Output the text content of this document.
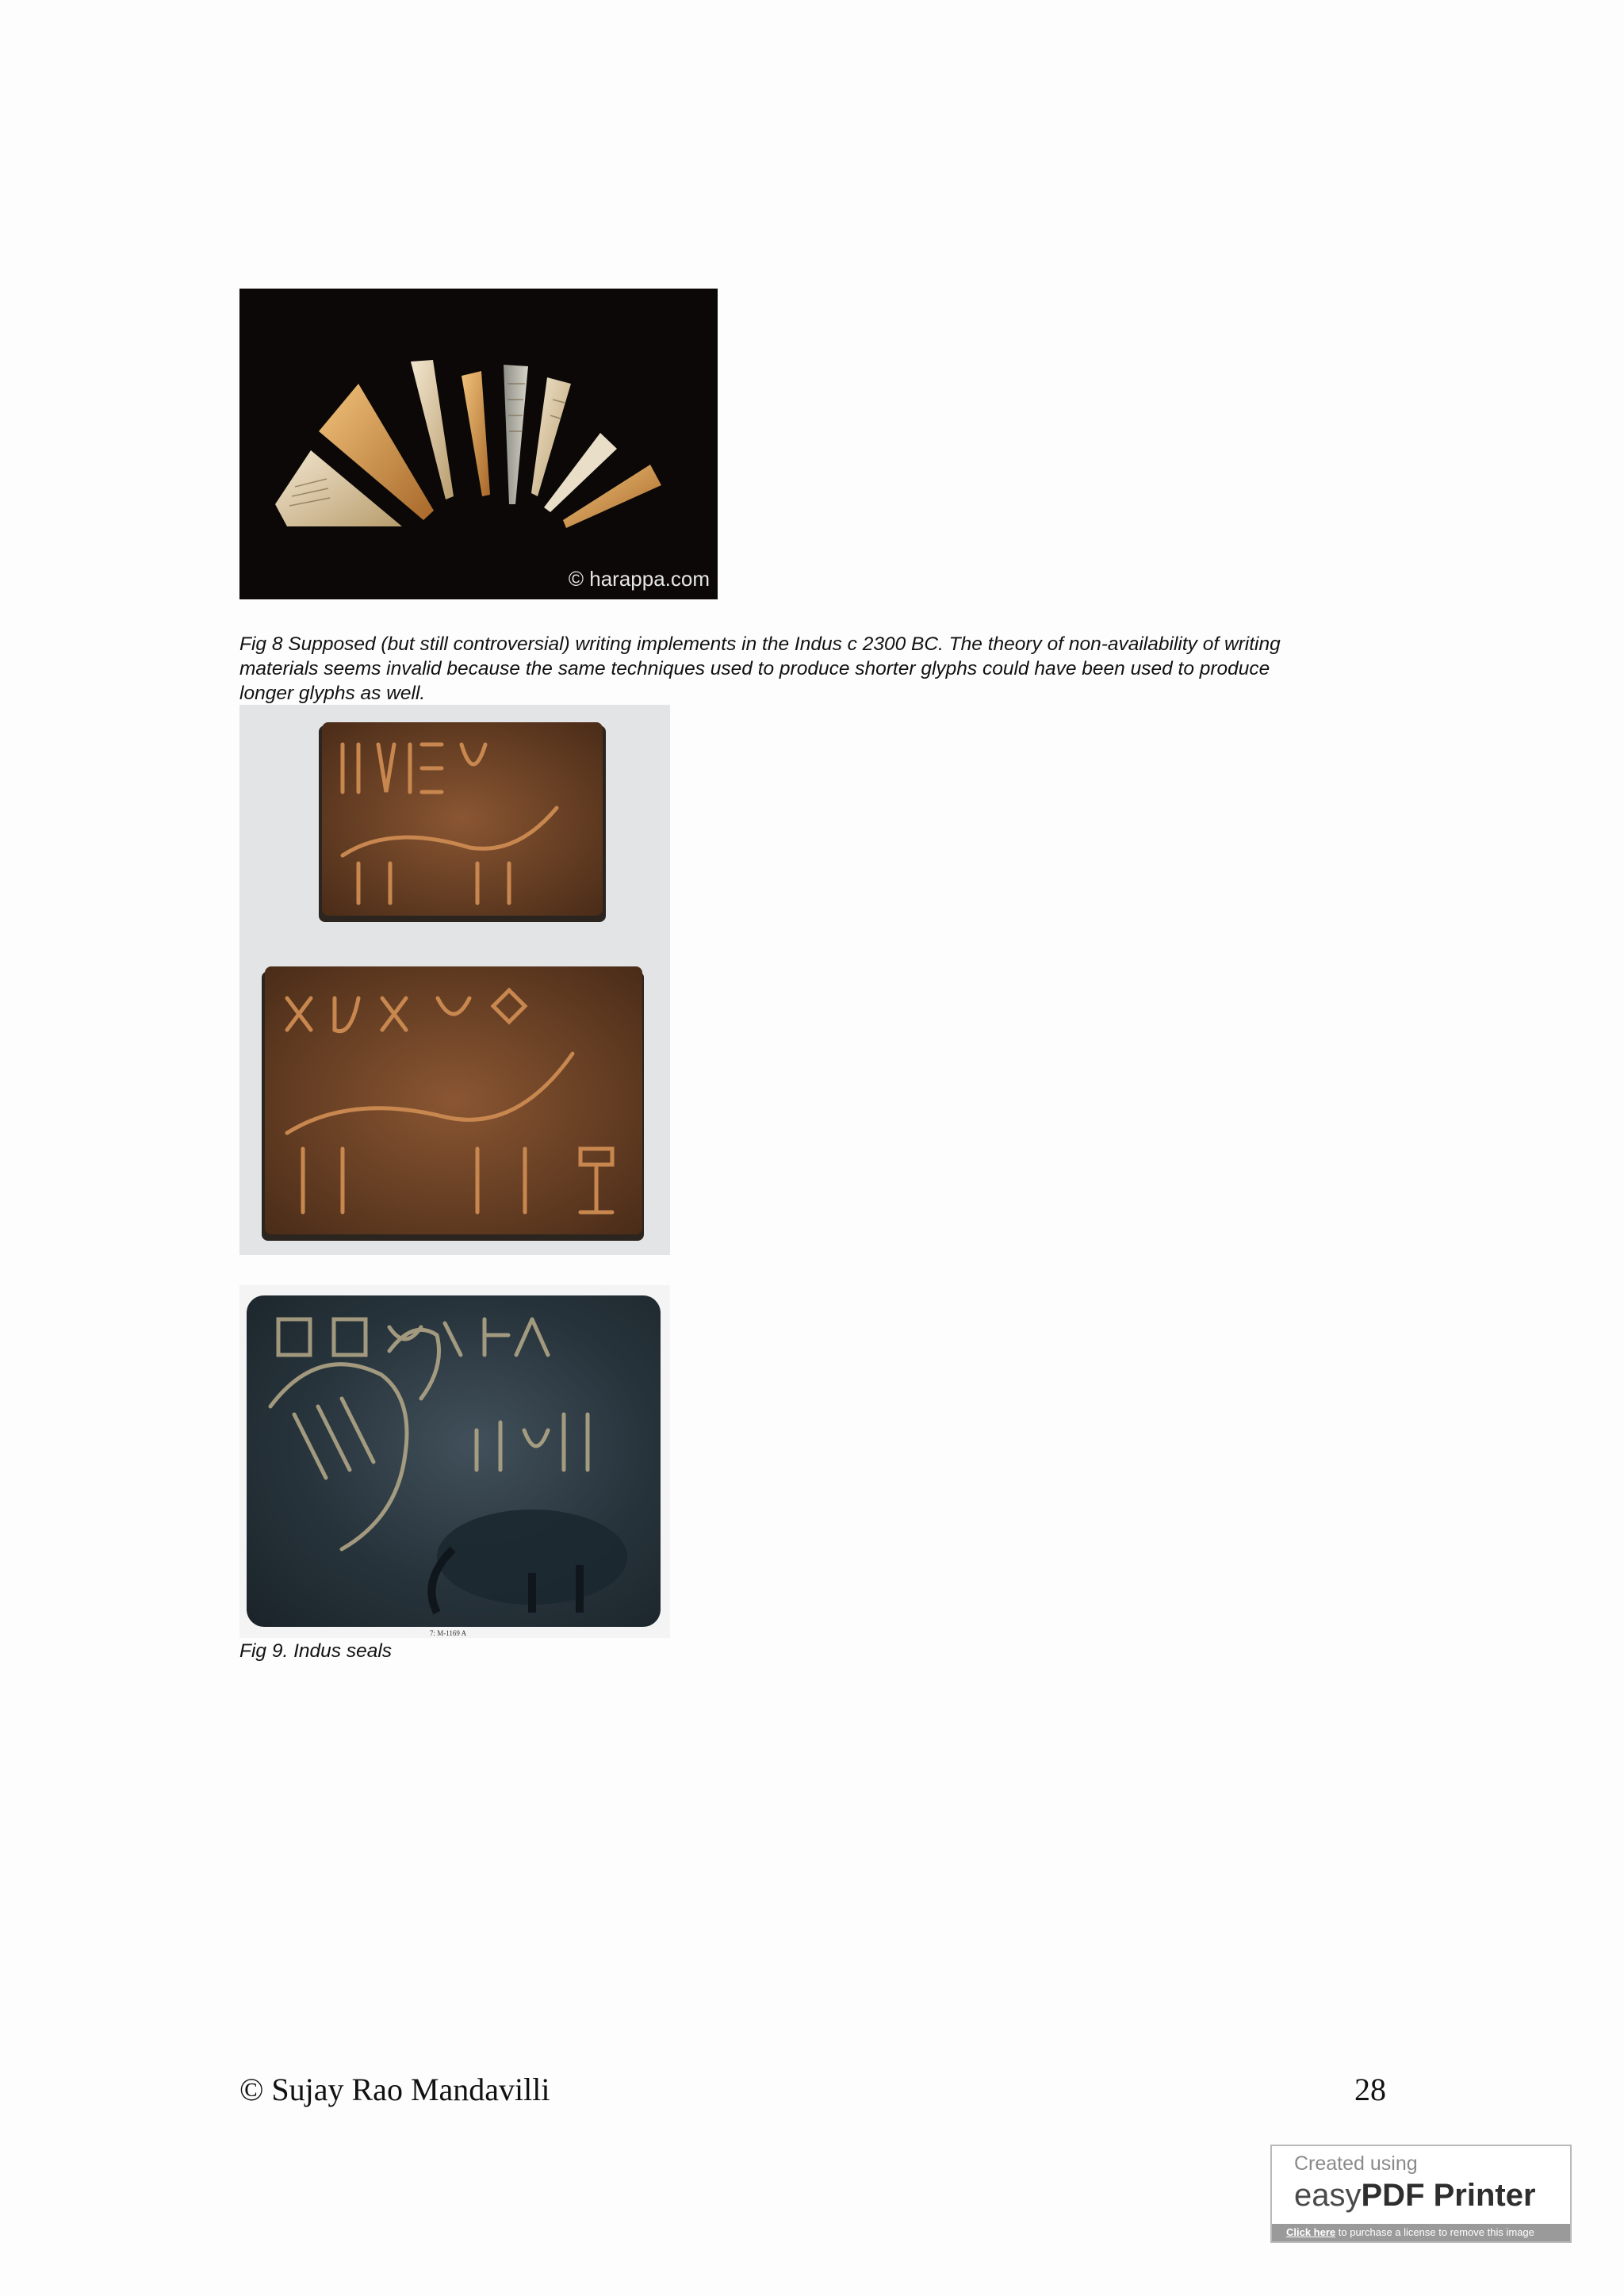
© harappa.com
Fig 8 Supposed (but still controversial) writing implements in the Indus c 2300 BC. The theory of non-availability of writing
materials seems invalid because the same techniques used to produce shorter glyphs could have been used to produce
longer glyphs as well.
7: M-1169 A
Fig 9. Indus seals
© Sujay Rao Mandavilli	28
Created using
easyPDF Printer
Click here to purchase a license to remove this image
